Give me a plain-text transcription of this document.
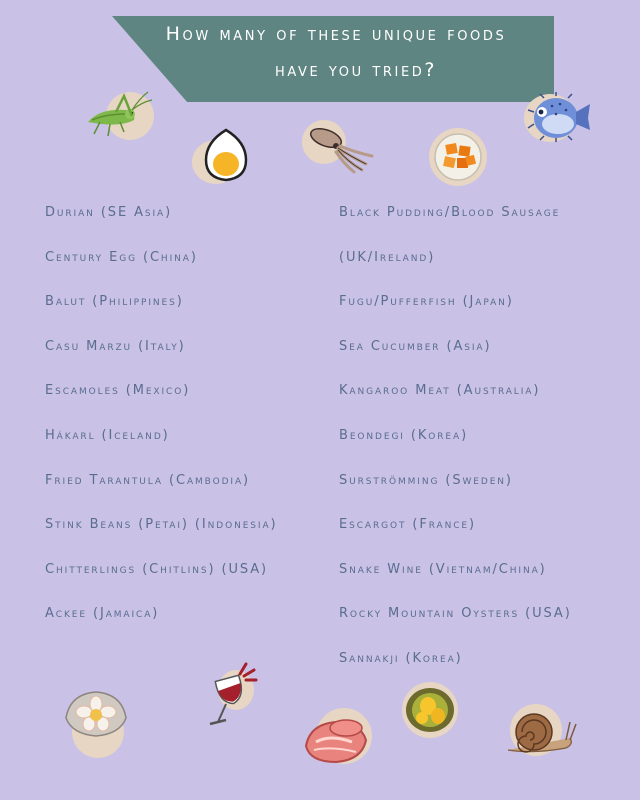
How many of these unique foods
have you tried?
Durian (SE Asia)
Century Egg (China)
Balut (Philippines)
Casu Marzu (Italy)
Escamoles (Mexico)
Hákarl (Iceland)
Fried Tarantula (Cambodia)
Stink Beans (Petai) (Indonesia)
Chitterlings (Chitlins) (USA)
Ackee (Jamaica)
Black Pudding/Blood Sausage
(UK/Ireland)
Fugu/Pufferfish (Japan)
Sea Cucumber (Asia)
Kangaroo Meat (Australia)
Beondegi (Korea)
Surströmming (Sweden)
Escargot (France)
Snake Wine (Vietnam/China)
Rocky Mountain Oysters (USA)
Sannakji (Korea)
